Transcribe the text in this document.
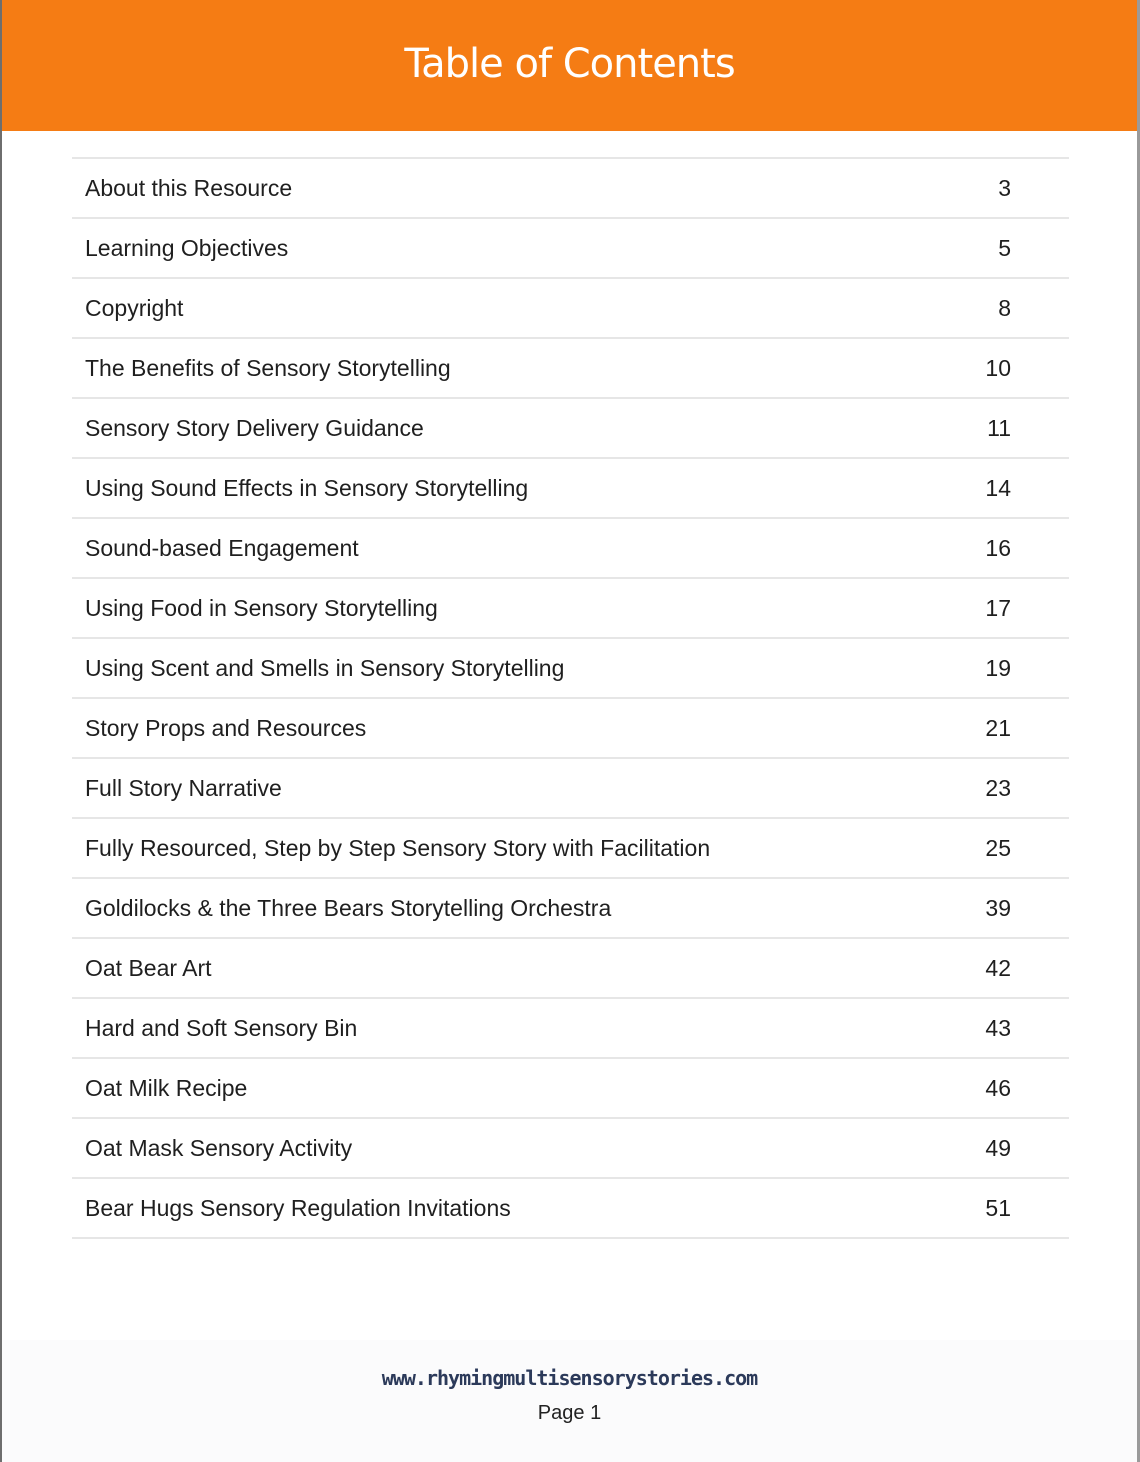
Table of Contents
About this Resource	3
Learning Objectives	5
Copyright	8
The Benefits of Sensory Storytelling	10
Sensory Story Delivery Guidance	11
Using Sound Effects in Sensory Storytelling	14
Sound-based Engagement	16
Using Food in Sensory Storytelling	17
Using Scent and Smells in Sensory Storytelling	19
Story Props and Resources	21
Full Story Narrative	23
Fully Resourced, Step by Step Sensory Story with Facilitation	25
Goldilocks & the Three Bears Storytelling Orchestra	39
Oat Bear Art	42
Hard and Soft Sensory Bin	43
Oat Milk Recipe	46
Oat Mask Sensory Activity	49
Bear Hugs Sensory Regulation Invitations	51
www.rhymingmultisensorystories.com
Page 1
